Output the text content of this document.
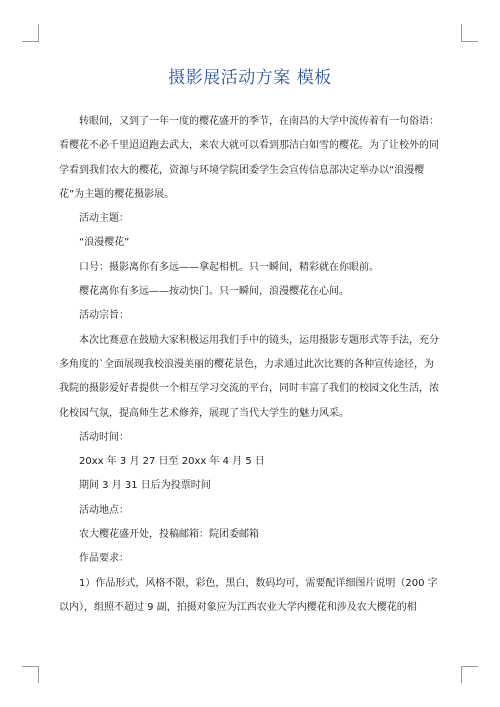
摄影展活动方案 模板

转眼间，又到了一年一度的樱花盛开的季节，在南昌的大学中流传着有一句俗语：看樱花不必千里迢迢跑去武大，来农大就可以看到那洁白如雪的樱花。为了让校外的同学看到我们农大的樱花，资源与环境学院团委学生会宣传信息部决定举办以“浪漫樱花”为主题的樱花摄影展。

活动主题：

“浪漫樱花”

口号：摄影离你有多远——拿起相机。只一瞬间，精彩就在你眼前。

樱花离你有多远——按动快门。只一瞬间，浪漫樱花在心间。

活动宗旨：

本次比赛意在鼓励大家积极运用我们手中的镜头，运用摄影专题形式等手法，充分多角度的`全面展现我校浪漫美丽的樱花景色，力求通过此次比赛的各种宣传途径，为我院的摄影爱好者提供一个相互学习交流的平台，同时丰富了我们的校园文化生活，浓化校园气氛，提高师生艺术修养，展现了当代大学生的魅力风采。

活动时间：

20xx 年 3 月 27 日至 20xx 年 4 月 5 日

期间 3 月 31 日后为投票时间

活动地点：

农大樱花盛开处，投稿邮箱：院团委邮箱

作品要求：

1）作品形式，风格不限，彩色，黑白，数码均可，需要配详细图片说明（200 字以内），组照不超过 9 副，拍摄对象应为江西农业大学内樱花和涉及农大樱花的相
